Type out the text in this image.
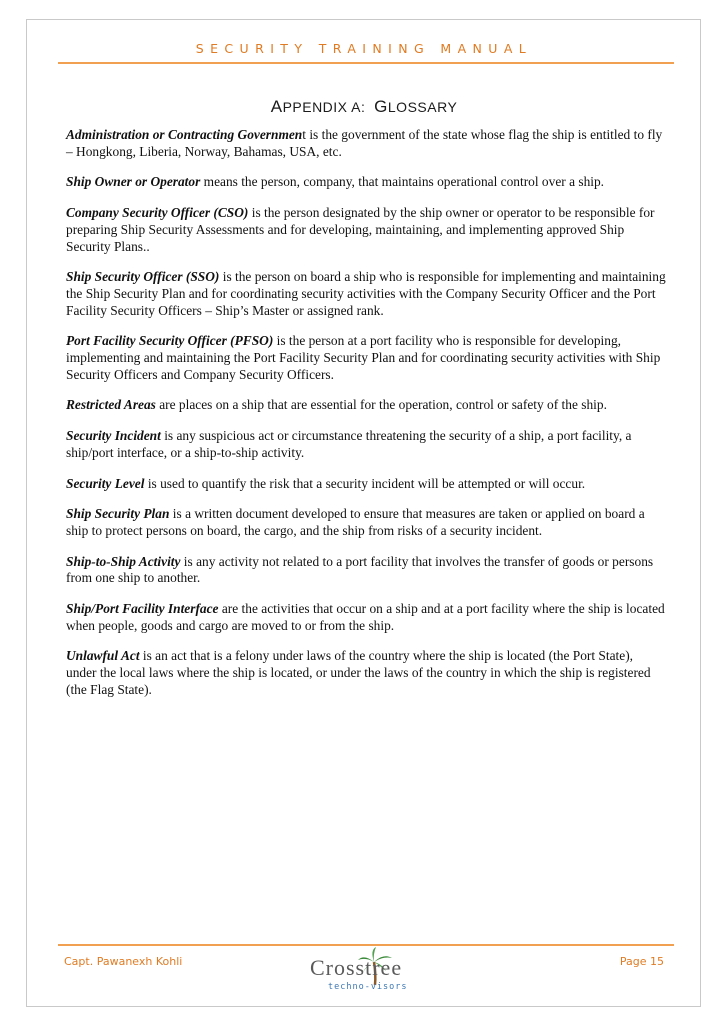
SECURITY TRAINING MANUAL
APPENDIX A: GLOSSARY

Administration or Contracting Government is the government of the state whose flag the ship is entitled to fly – Hongkong, Liberia, Norway, Bahamas, USA, etc.

Ship Owner or Operator means the person, company, that maintains operational control over a ship.

Company Security Officer (CSO) is the person designated by the ship owner or operator to be responsible for preparing Ship Security Assessments and for developing, maintaining, and implementing approved Ship Security Plans..

Ship Security Officer (SSO) is the person on board a ship who is responsible for implementing and maintaining the Ship Security Plan and for coordinating security activities with the Company Security Officer and the Port Facility Security Officers – Ship’s Master or assigned rank.

Port Facility Security Officer (PFSO) is the person at a port facility who is responsible for developing, implementing and maintaining the Port Facility Security Plan and for coordinating security activities with Ship Security Officers and Company Security Officers.

Restricted Areas are places on a ship that are essential for the operation, control or safety of the ship.

Security Incident is any suspicious act or circumstance threatening the security of a ship, a port facility, a ship/port interface, or a ship-to-ship activity.

Security Level is used to quantify the risk that a security incident will be attempted or will occur.

Ship Security Plan is a written document developed to ensure that measures are taken or applied on board a ship to protect persons on board, the cargo, and the ship from risks of a security incident.

Ship-to-Ship Activity is any activity not related to a port facility that involves the transfer of goods or persons from one ship to another.

Ship/Port Facility Interface are the activities that occur on a ship and at a port facility where the ship is located when people, goods and cargo are moved to or from the ship.

Unlawful Act is an act that is a felony under laws of the country where the ship is located (the Port State), under the local laws where the ship is located, or under the laws of the country in which the ship is registered (the Flag State).

Capt. Pawanexh Kohli	Page 15
Crosstree
techno-visors
